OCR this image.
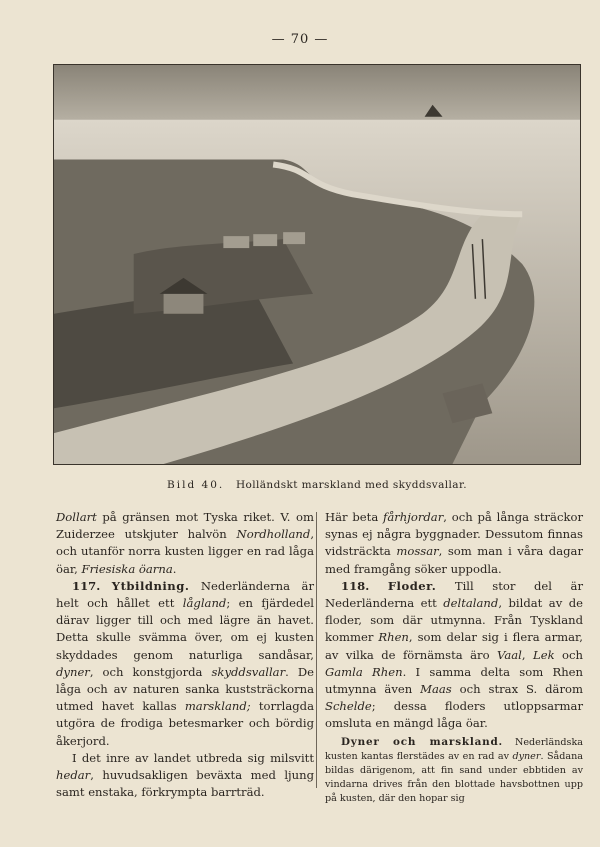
— 70 —
Bild 40. Holländskt marskland med skyddsvallar.

Dollart på gränsen mot Tyska riket. V. om Zuiderzee utskjuter halvön Nordholland, och utanför norra kusten ligger en rad låga öar, Friesiska öarna.

117. Ytbildning. Nederländerna är helt och hållet ett lågland; en fjärdedel därav ligger till och med lägre än havet. Detta skulle svämma över, om ej kusten skyddades genom naturliga sandåsar, dyner, och konstgjorda skyddsvallar. De låga och av naturen sanka kuststräckorna utmed havet kallas marskland; torrlagda utgöra de frodiga betesmarker och bördig åkerjord.

I det inre av landet utbreda sig milsvitt hedar, huvudsakligen beväxta med ljung samt enstaka, förkrympta barrträd.

Här beta fårhjordar, och på långa sträckor synas ej några byggnader. Dessutom finnas vidsträckta mossar, som man i våra dagar med framgång söker uppodla.

118. Floder. Till stor del är Nederländerna ett deltaland, bildat av de floder, som där utmynna. Från Tyskland kommer Rhen, som delar sig i flera armar, av vilka de förnämsta äro Vaal, Lek och Gamla Rhen. I samma delta som Rhen utmynna även Maas och strax S. därom Schelde; dessa floders utloppsarmar omsluta en mängd låga öar.

Dyner och marskland. Nederländska kusten kantas flerstädes av en rad av dyner. Sådana bildas därigenom, att fin sand under ebbtiden av vindarna drives från den blottade havsbottnen upp på kusten, där den hopar sig
